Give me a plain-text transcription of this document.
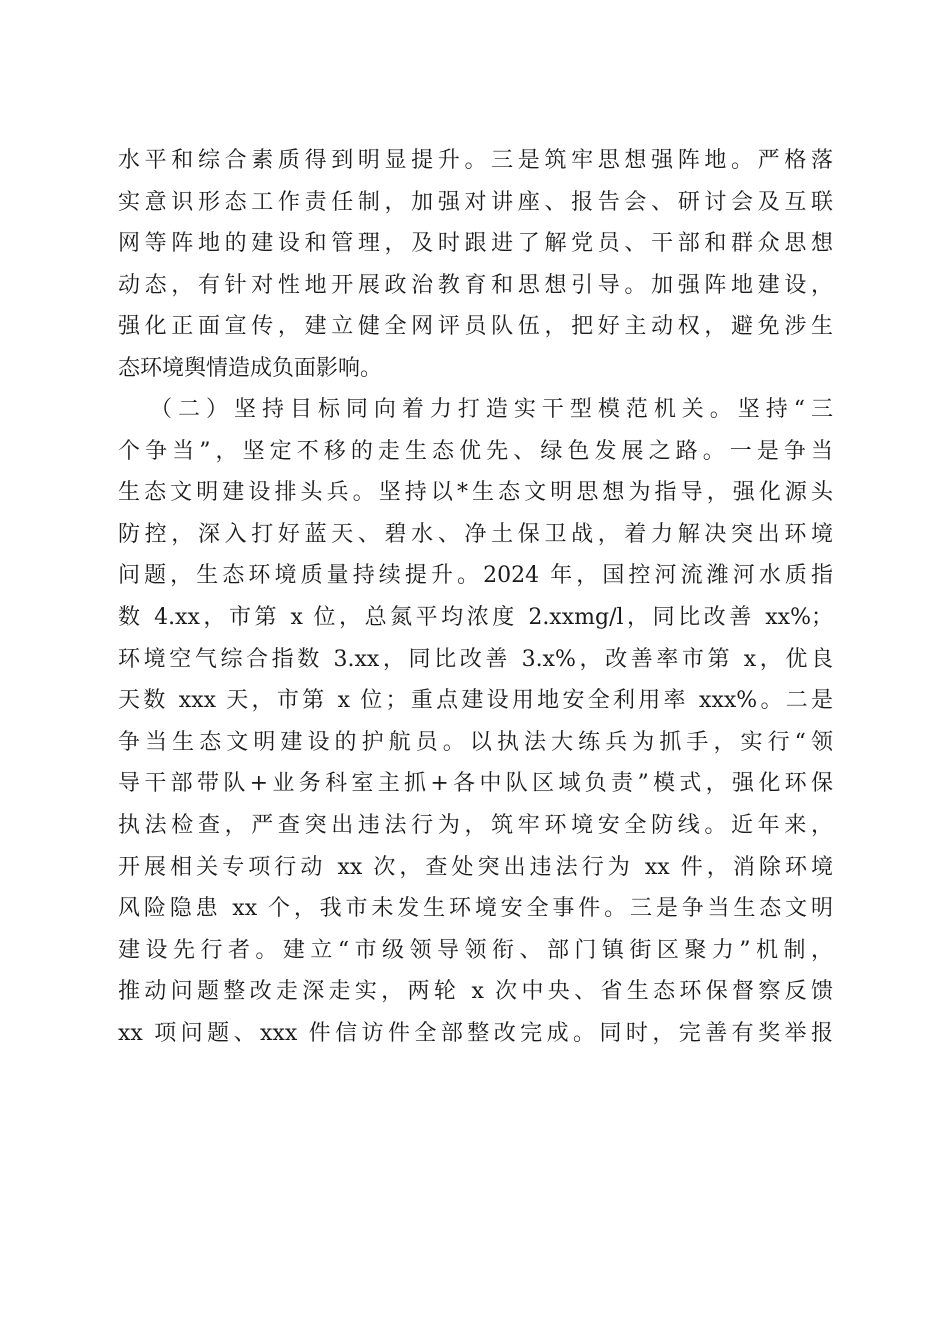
水平和综合素质得到明显提升。三是筑牢思想强阵地。严格落
实意识形态工作责任制，加强对讲座、报告会、研讨会及互联
网等阵地的建设和管理，及时跟进了解党员、干部和群众思想
动态，有针对性地开展政治教育和思想引导。加强阵地建设，
强化正面宣传，建立健全网评员队伍，把好主动权，避免涉生
态环境舆情造成负面影响。
（二）坚持目标同向着力打造实干型模范机关。坚持“三
个争当”，坚定不移的走生态优先、绿色发展之路。一是争当
生态文明建设排头兵。坚持以*生态文明思想为指导，强化源头
防控，深入打好蓝天、碧水、净土保卫战，着力解决突出环境
问题，生态环境质量持续提升。2024 年，国控河流潍河水质指
数 4.xx，市第 x 位，总氮平均浓度 2.xxmg/l，同比改善 xx%；
环境空气综合指数 3.xx，同比改善 3.x%，改善率市第 x，优良
天数 xxx 天，市第 x 位；重点建设用地安全利用率 xxx%。二是
争当生态文明建设的护航员。以执法大练兵为抓手，实行“领
导干部带队+业务科室主抓+各中队区域负责”模式，强化环保
执法检查，严查突出违法行为，筑牢环境安全防线。近年来，
开展相关专项行动 xx 次，查处突出违法行为 xx 件，消除环境
风险隐患 xx 个，我市未发生环境安全事件。三是争当生态文明
建设先行者。建立“市级领导领衔、部门镇街区聚力”机制，
推动问题整改走深走实，两轮 x 次中央、省生态环保督察反馈
xx 项问题、xxx 件信访件全部整改完成。同时，完善有奖举报
